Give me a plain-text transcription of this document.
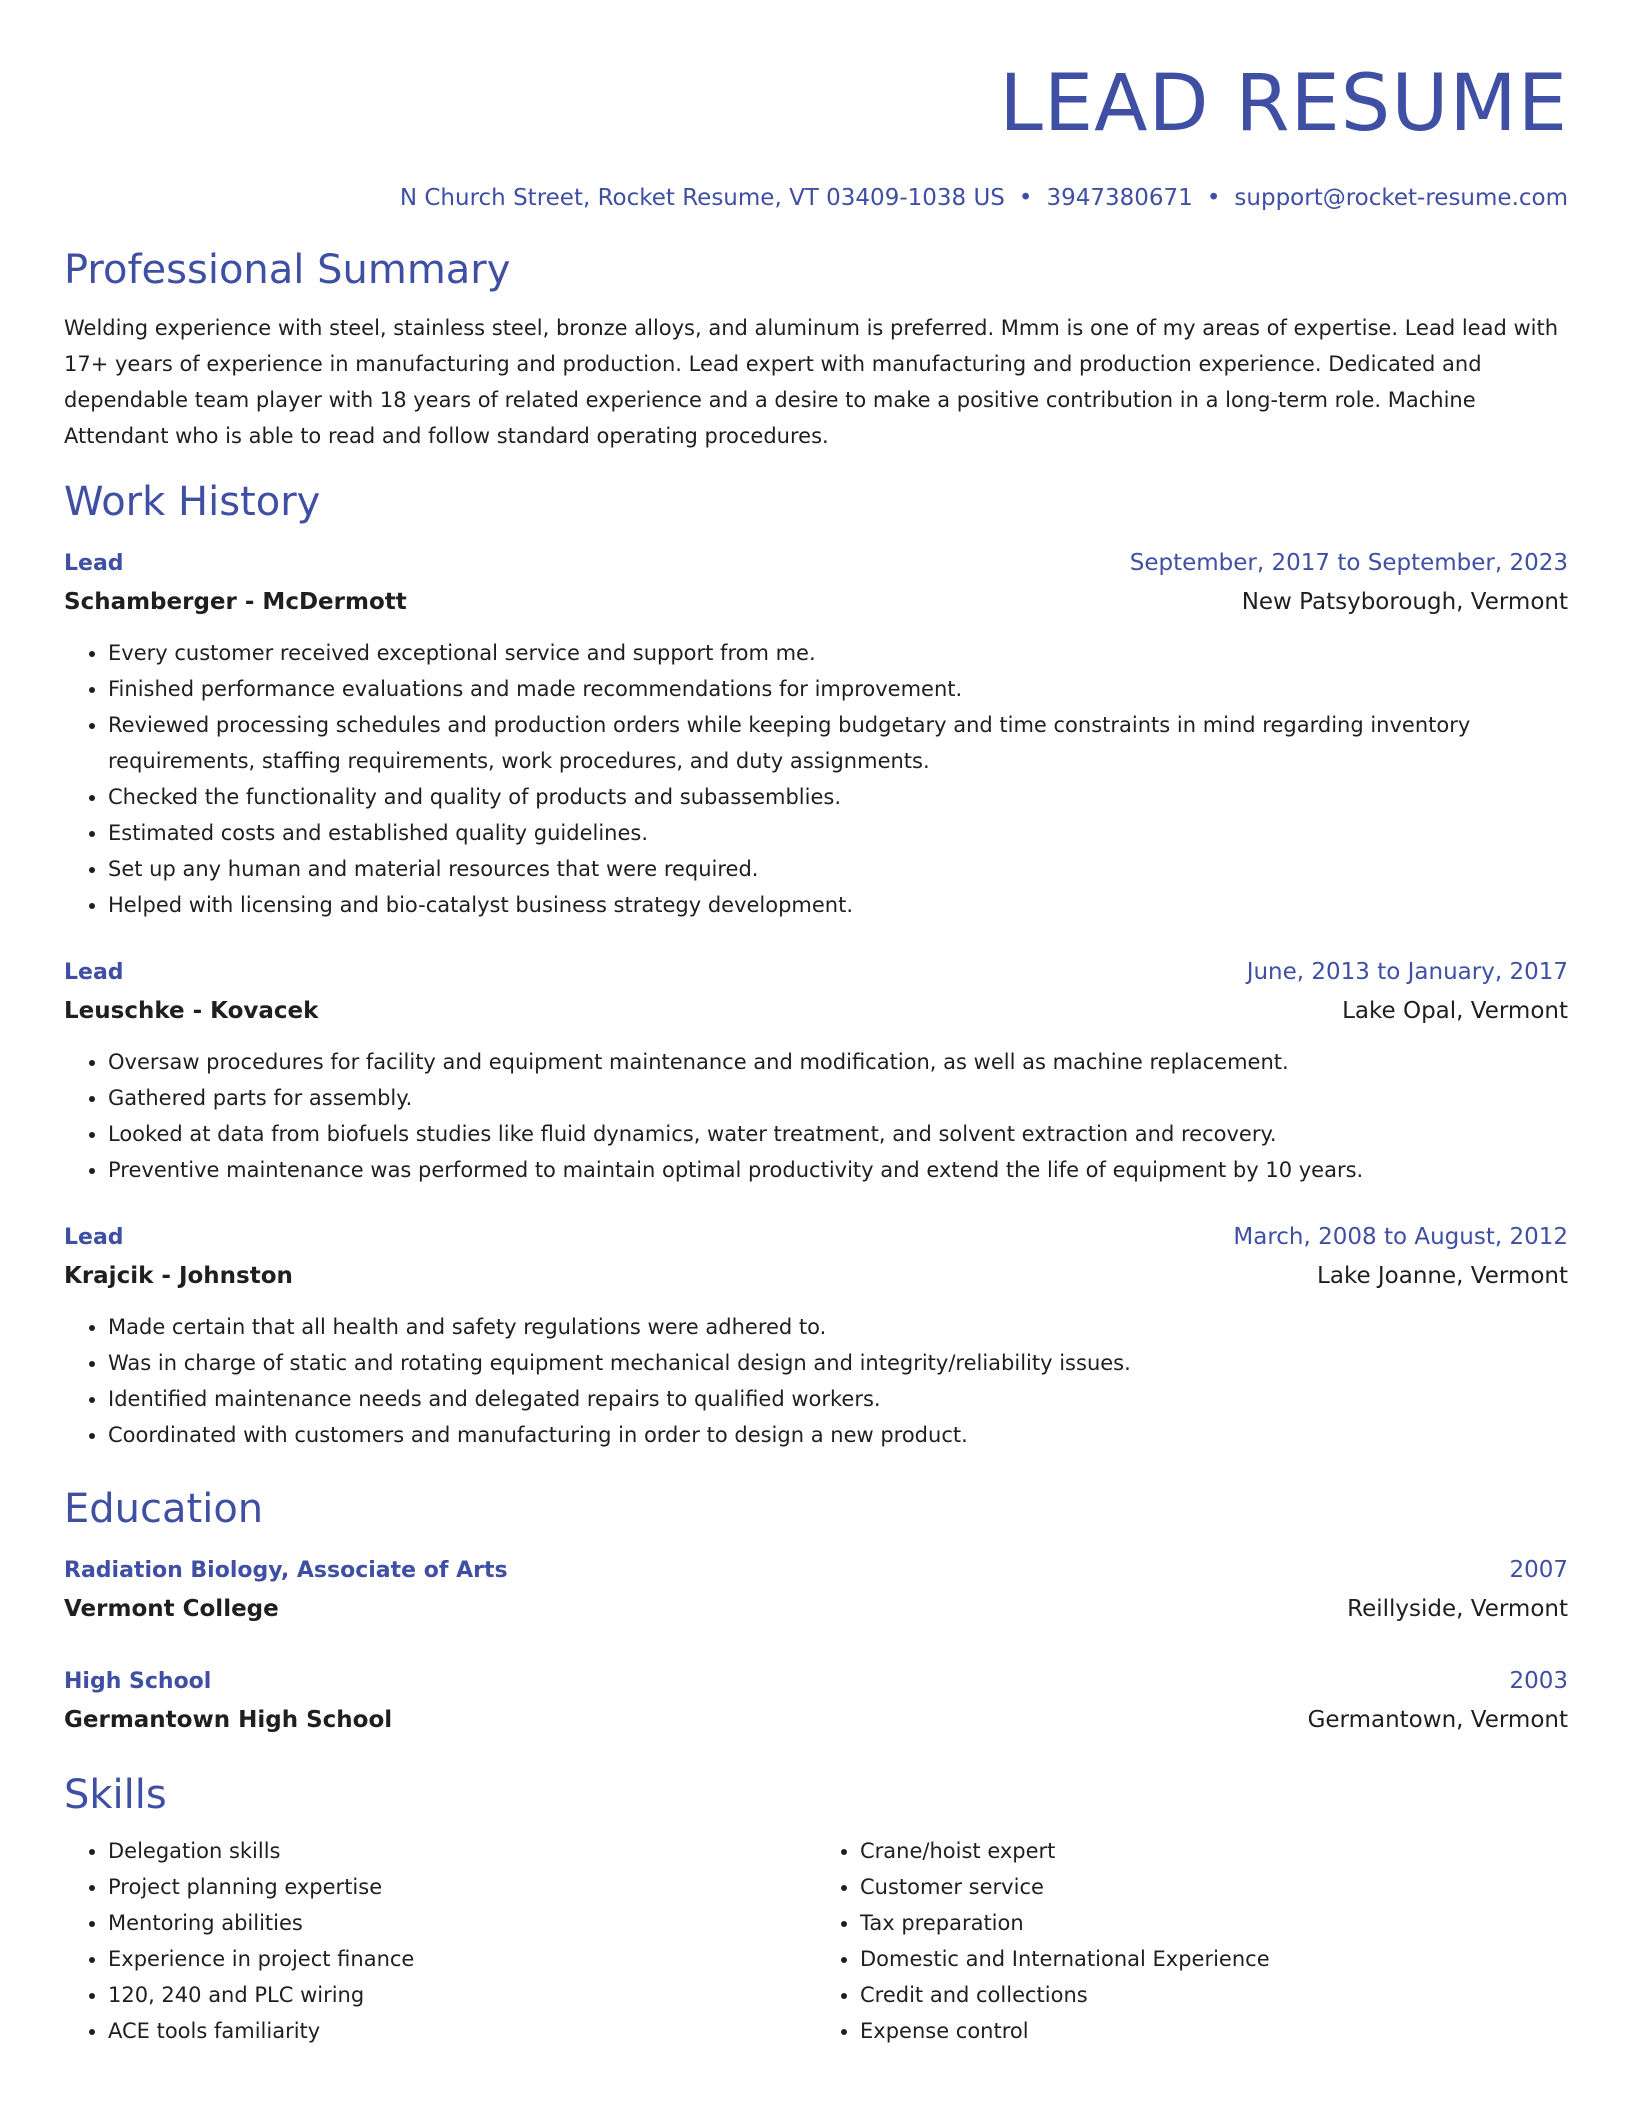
LEAD RESUME
N Church Street, Rocket Resume, VT 03409-1038 US • 3947380671 • support@rocket-resume.com
Professional Summary
Welding experience with steel, stainless steel, bronze alloys, and aluminum is preferred. Mmm is one of my areas of expertise. Lead lead with 17+ years of experience in manufacturing and production. Lead expert with manufacturing and production experience. Dedicated and dependable team player with 18 years of related experience and a desire to make a positive contribution in a long-term role. Machine Attendant who is able to read and follow standard operating procedures.
Work History
Lead	September, 2017 to September, 2023
Schamberger - McDermott	New Patsyborough, Vermont
• Every customer received exceptional service and support from me.
• Finished performance evaluations and made recommendations for improvement.
• Reviewed processing schedules and production orders while keeping budgetary and time constraints in mind regarding inventory requirements, staffing requirements, work procedures, and duty assignments.
• Checked the functionality and quality of products and subassemblies.
• Estimated costs and established quality guidelines.
• Set up any human and material resources that were required.
• Helped with licensing and bio-catalyst business strategy development.
Lead	June, 2013 to January, 2017
Leuschke - Kovacek	Lake Opal, Vermont
• Oversaw procedures for facility and equipment maintenance and modification, as well as machine replacement.
• Gathered parts for assembly.
• Looked at data from biofuels studies like fluid dynamics, water treatment, and solvent extraction and recovery.
• Preventive maintenance was performed to maintain optimal productivity and extend the life of equipment by 10 years.
Lead	March, 2008 to August, 2012
Krajcik - Johnston	Lake Joanne, Vermont
• Made certain that all health and safety regulations were adhered to.
• Was in charge of static and rotating equipment mechanical design and integrity/reliability issues.
• Identified maintenance needs and delegated repairs to qualified workers.
• Coordinated with customers and manufacturing in order to design a new product.
Education
Radiation Biology, Associate of Arts	2007
Vermont College	Reillyside, Vermont
High School	2003
Germantown High School	Germantown, Vermont
Skills
• Delegation skills
• Project planning expertise
• Mentoring abilities
• Experience in project finance
• 120, 240 and PLC wiring
• ACE tools familiarity
• Crane/hoist expert
• Customer service
• Tax preparation
• Domestic and International Experience
• Credit and collections
• Expense control
